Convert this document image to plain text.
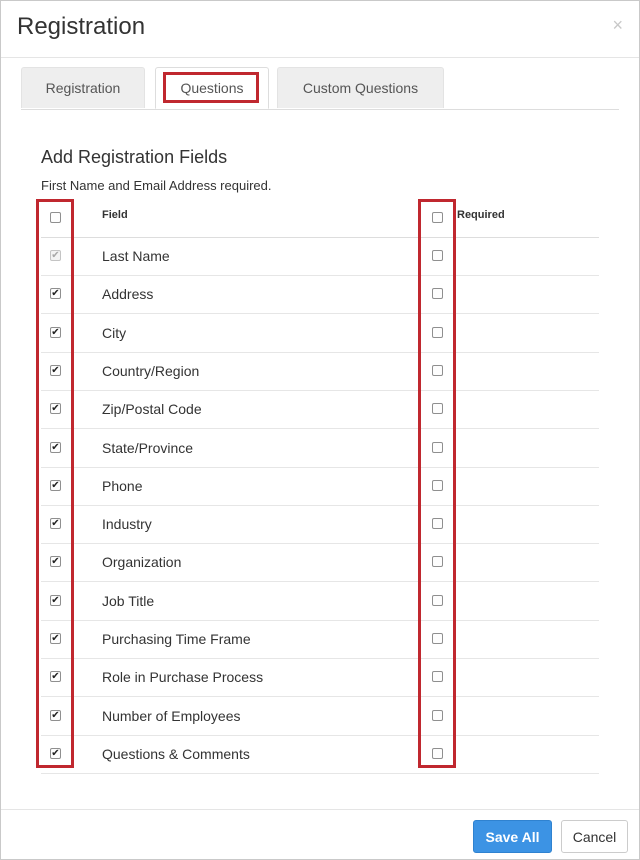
Registration	×
Registration	Questions	Custom Questions
Add Registration Fields
First Name and Email Address required.
Field	Required
✔	Last Name
✔	Address
✔	City
✔	Country/Region
✔	Zip/Postal Code
✔	State/Province
✔	Phone
✔	Industry
✔	Organization
✔	Job Title
✔	Purchasing Time Frame
✔	Role in Purchase Process
✔	Number of Employees
✔	Questions & Comments
Save All	Cancel
